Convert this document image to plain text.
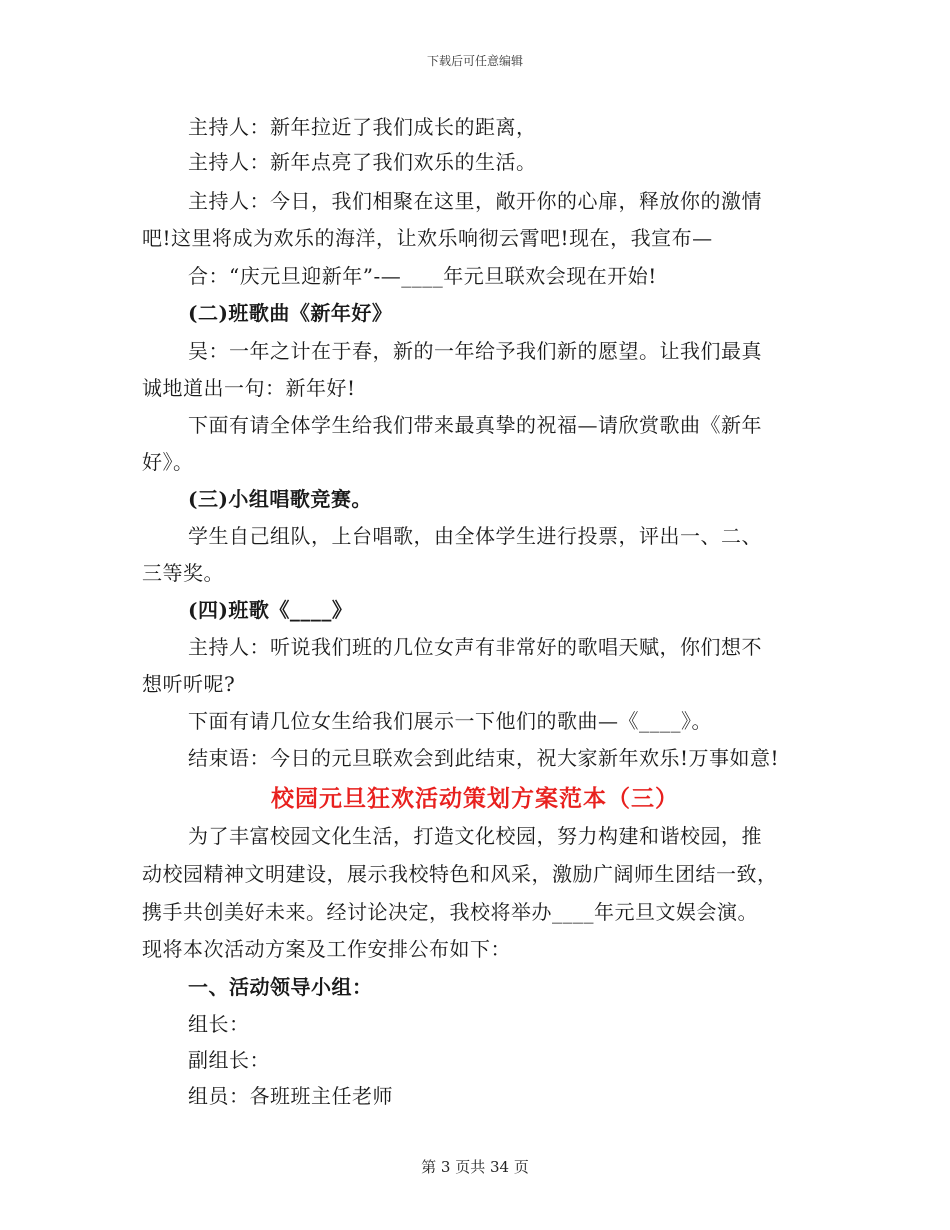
下载后可任意编辑
主持人：新年拉近了我们成长的距离，
主持人：新年点亮了我们欢乐的生活。
主持人：今日，我们相聚在这里，敞开你的心扉，释放你的激情
吧!这里将成为欢乐的海洋，让欢乐响彻云霄吧!现在，我宣布—
合：“庆元旦迎新年”-—____年元旦联欢会现在开始!
(二)班歌曲《新年好》
吴：一年之计在于春，新的一年给予我们新的愿望。让我们最真
诚地道出一句：新年好!
下面有请全体学生给我们带来最真挚的祝福—请欣赏歌曲《新年
好》。
(三)小组唱歌竞赛。
学生自己组队，上台唱歌，由全体学生进行投票，评出一、二、
三等奖。
(四)班歌《____》
主持人：听说我们班的几位女声有非常好的歌唱天赋，你们想不
想听听呢?
下面有请几位女生给我们展示一下他们的歌曲—《____》。
结束语：今日的元旦联欢会到此结束，祝大家新年欢乐!万事如意!
校园元旦狂欢活动策划方案范本（三）
为了丰富校园文化生活，打造文化校园，努力构建和谐校园，推
动校园精神文明建设，展示我校特色和风采，激励广阔师生团结一致，
携手共创美好未来。经讨论决定，我校将举办____年元旦文娱会演。
现将本次活动方案及工作安排公布如下：
一、活动领导小组：
组长：
副组长：
组员：各班班主任老师
第 3 页共 34 页
